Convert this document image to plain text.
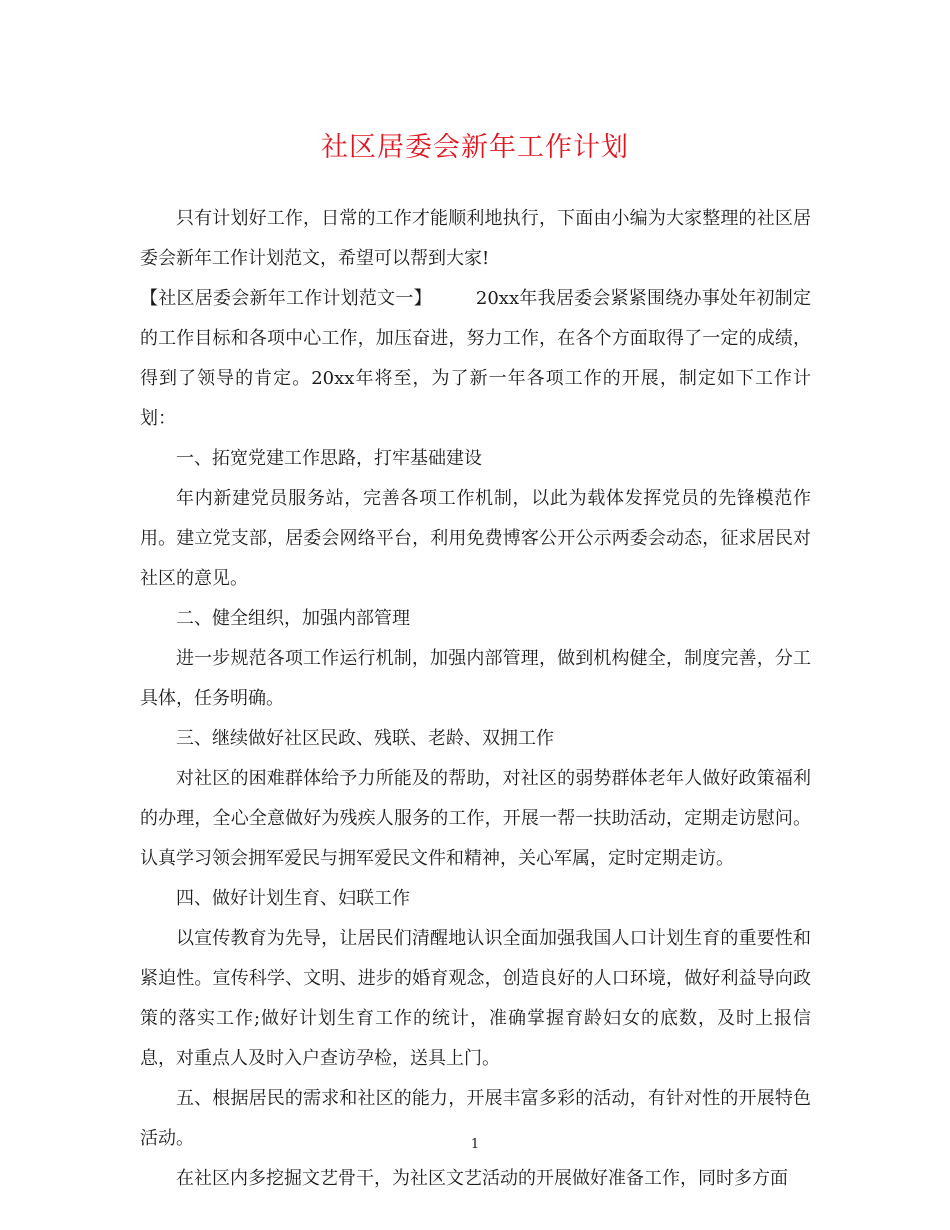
社区居委会新年工作计划

只有计划好工作，日常的工作才能顺利地执行，下面由小编为大家整理的社区居委会新年工作计划范文，希望可以帮到大家!

【社区居委会新年工作计划范文一】 20xx年我居委会紧紧围绕办事处年初制定的工作目标和各项中心工作，加压奋进，努力工作，在各个方面取得了一定的成绩，得到了领导的肯定。20xx年将至，为了新一年各项工作的开展，制定如下工作计划：

一、拓宽党建工作思路，打牢基础建设

年内新建党员服务站，完善各项工作机制，以此为载体发挥党员的先锋模范作用。建立党支部，居委会网络平台，利用免费博客公开公示两委会动态，征求居民对社区的意见。

二、健全组织，加强内部管理

进一步规范各项工作运行机制，加强内部管理，做到机构健全，制度完善，分工具体，任务明确。

三、继续做好社区民政、残联、老龄、双拥工作

对社区的困难群体给予力所能及的帮助，对社区的弱势群体老年人做好政策福利的办理，全心全意做好为残疾人服务的工作，开展一帮一扶助活动，定期走访慰问。认真学习领会拥军爱民与拥军爱民文件和精神，关心军属，定时定期走访。

四、做好计划生育、妇联工作

以宣传教育为先导，让居民们清醒地认识全面加强我国人口计划生育的重要性和紧迫性。宣传科学、文明、进步的婚育观念，创造良好的人口环境，做好利益导向政策的落实工作;做好计划生育工作的统计，准确掌握育龄妇女的底数，及时上报信息，对重点人及时入户查访孕检，送具上门。

五、根据居民的需求和社区的能力，开展丰富多彩的活动，有针对性的开展特色活动。

在社区内多挖掘文艺骨干，为社区文艺活动的开展做好准备工作，同时多方面

1
